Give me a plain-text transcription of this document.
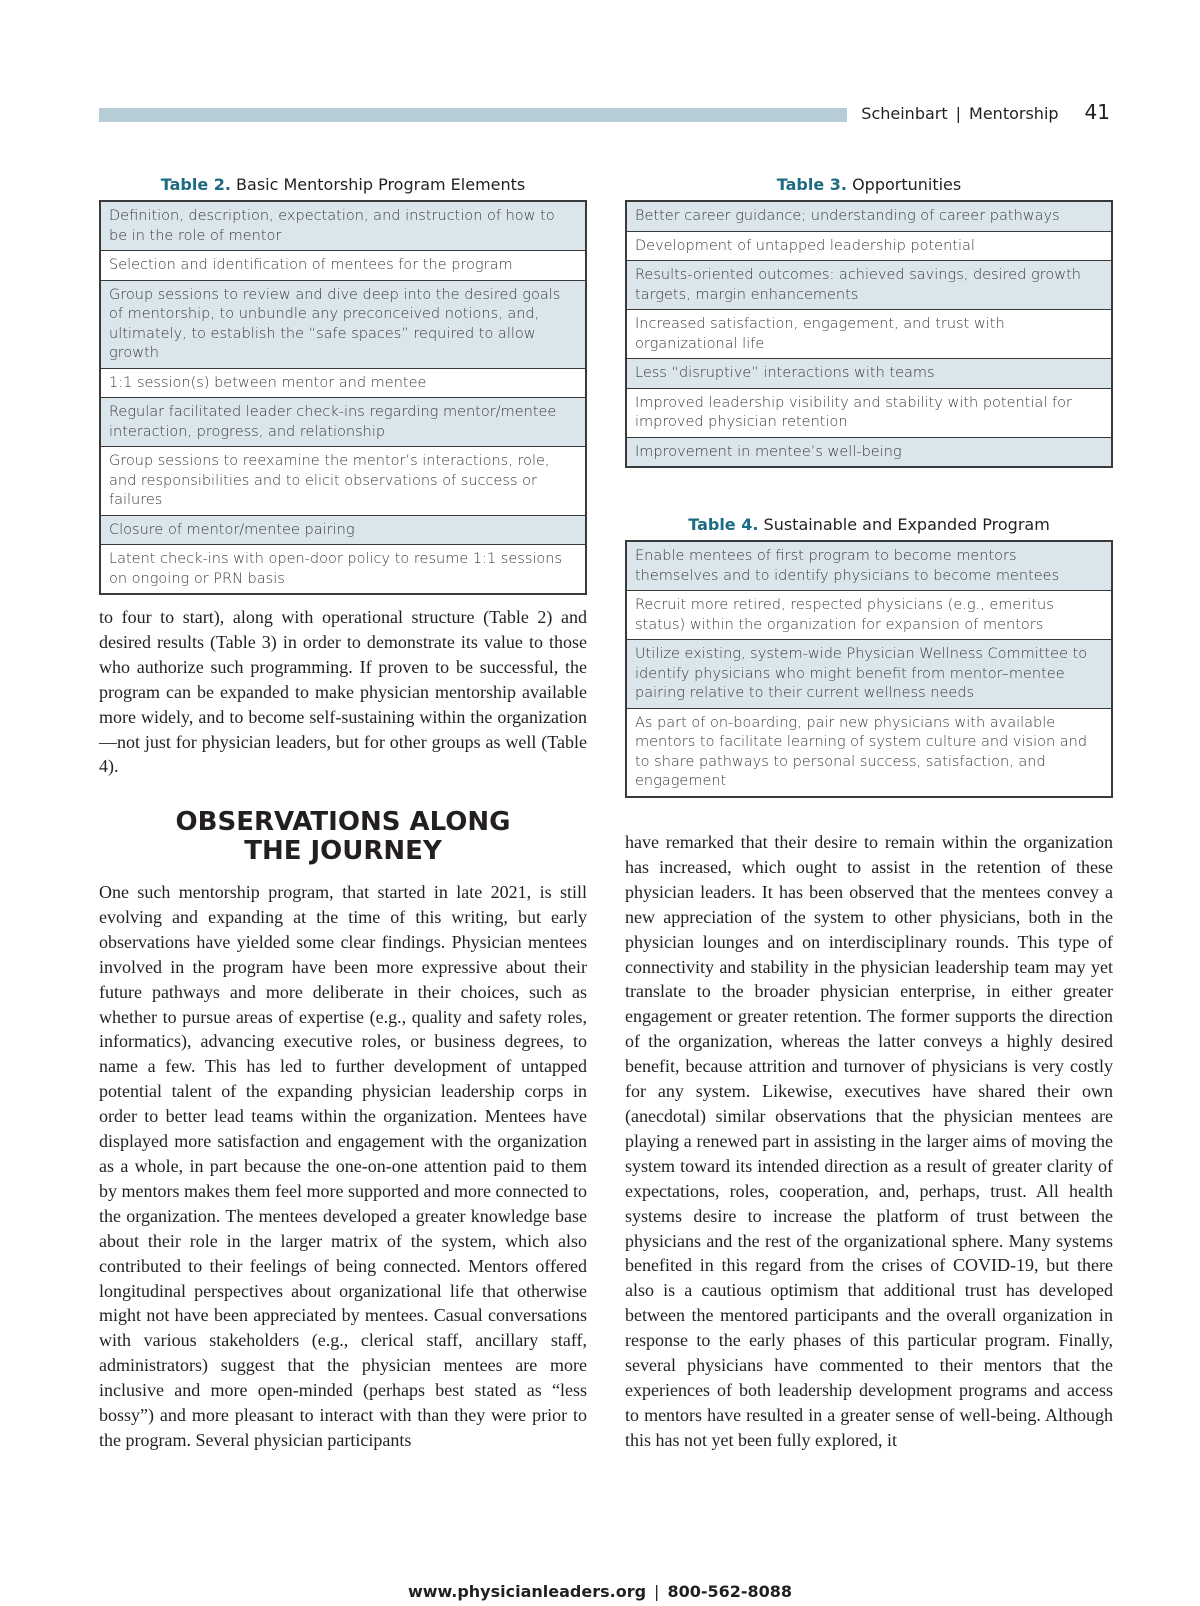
Scheinbart | Mentorship 41
Table 2. Basic Mentorship Program Elements
Definition, description, expectation, and instruction of how to be in the role of mentor
Selection and identification of mentees for the program
Group sessions to review and dive deep into the desired goals of mentorship, to unbundle any preconceived notions, and, ultimately, to establish the “safe spaces” required to allow growth
1:1 session(s) between mentor and mentee
Regular facilitated leader check-ins regarding mentor/mentee interaction, progress, and relationship
Group sessions to reexamine the mentor’s interactions, role, and responsibilities and to elicit observations of success or failures
Closure of mentor/mentee pairing
Latent check-ins with open-door policy to resume 1:1 sessions on ongoing or PRN basis
Table 3. Opportunities
Better career guidance; understanding of career pathways
Development of untapped leadership potential
Results-oriented outcomes: achieved savings, desired growth targets, margin enhancements
Increased satisfaction, engagement, and trust with organizational life
Less “disruptive” interactions with teams
Improved leadership visibility and stability with potential for improved physician retention
Improvement in mentee’s well-being
Table 4. Sustainable and Expanded Program
Enable mentees of first program to become mentors themselves and to identify physicians to become mentees
Recruit more retired, respected physicians (e.g., emeritus status) within the organization for expansion of mentors
Utilize existing, system-wide Physician Wellness Committee to identify physicians who might benefit from mentor–mentee pairing relative to their current wellness needs
As part of on-boarding, pair new physicians with available mentors to facilitate learning of system culture and vision and to share pathways to personal success, satisfaction, and engagement

to four to start), along with operational structure (Table 2) and desired results (Table 3) in order to demonstrate its value to those who authorize such programming. If proven to be successful, the program can be expanded to make physician mentorship available more widely, and to become self-sustaining within the organization—not just for physician leaders, but for other groups as well (Table 4).

OBSERVATIONS ALONG
THE JOURNEY

One such mentorship program, that started in late 2021, is still evolving and expanding at the time of this writing, but early observations have yielded some clear findings. Physician mentees involved in the program have been more expressive about their future pathways and more deliberate in their choices, such as whether to pursue areas of expertise (e.g., quality and safety roles, informatics), advancing executive roles, or business degrees, to name a few. This has led to further development of untapped potential talent of the expanding physician leadership corps in order to better lead teams within the organization. Mentees have displayed more satisfaction and engagement with the organization as a whole, in part because the one-on-one attention paid to them by mentors makes them feel more supported and more connected to the organization. The mentees developed a greater knowledge base about their role in the larger matrix of the system, which also contributed to their feelings of being connected. Mentors offered longitudinal perspectives about organizational life that otherwise might not have been appreciated by mentees. Casual conversations with various stakeholders (e.g., clerical staff, ancillary staff, administrators) suggest that the physician mentees are more inclusive and more open-minded (perhaps best stated as “less bossy”) and more pleasant to interact with than they were prior to the program. Several physician participants

have remarked that their desire to remain within the organization has increased, which ought to assist in the retention of these physician leaders. It has been observed that the mentees convey a new appreciation of the system to other physicians, both in the physician lounges and on interdisciplinary rounds. This type of connectivity and stability in the physician leadership team may yet translate to the broader physician enterprise, in either greater engagement or greater retention. The former supports the direction of the organization, whereas the latter conveys a highly desired benefit, because attrition and turnover of physicians is very costly for any system. Likewise, executives have shared their own (anecdotal) similar observations that the physician mentees are playing a renewed part in assisting in the larger aims of moving the system toward its intended direction as a result of greater clarity of expectations, roles, cooperation, and, perhaps, trust. All health systems desire to increase the platform of trust between the physicians and the rest of the organizational sphere. Many systems benefited in this regard from the crises of COVID-19, but there also is a cautious optimism that additional trust has developed between the mentored participants and the overall organization in response to the early phases of this particular program. Finally, several physicians have commented to their mentors that the experiences of both leadership development programs and access to mentors have resulted in a greater sense of well-being. Although this has not yet been fully explored, it

www.physicianleaders.org | 800-562-8088
